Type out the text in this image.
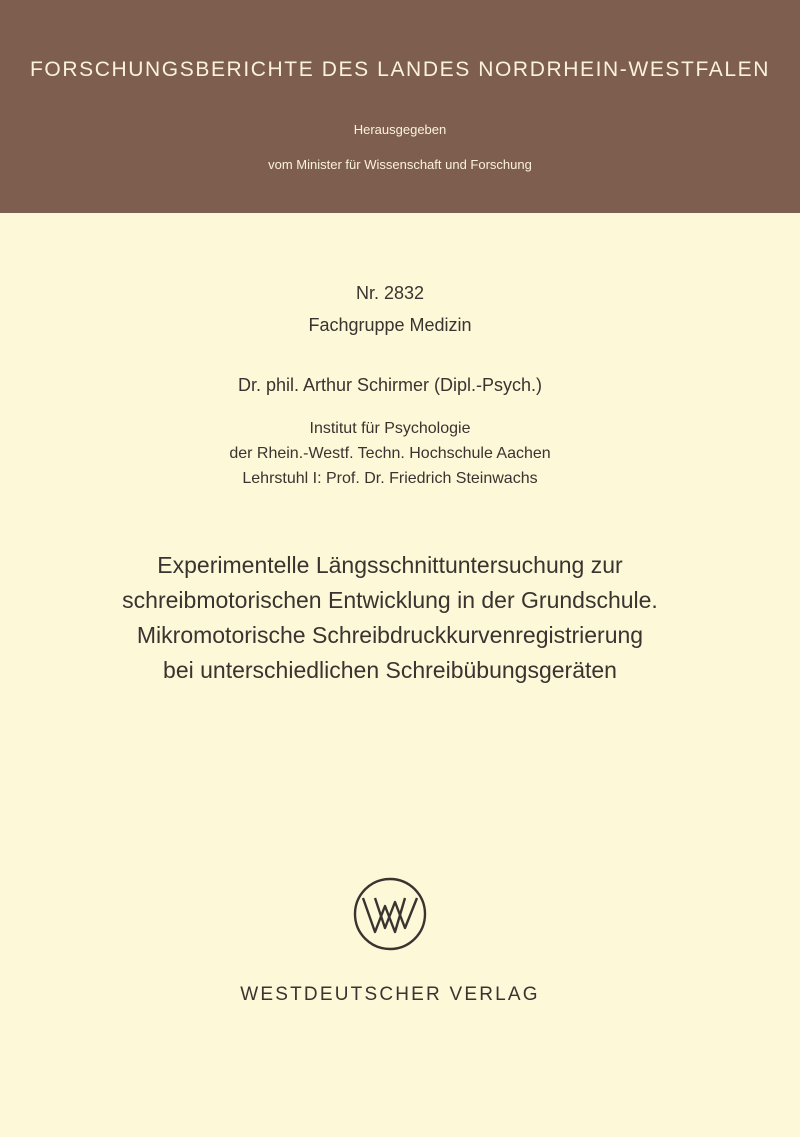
FORSCHUNGSBERICHTE DES LANDES NORDRHEIN-WESTFALEN
Herausgegeben
vom Minister für Wissenschaft und Forschung
Nr. 2832
Fachgruppe Medizin
Dr. phil. Arthur Schirmer (Dipl.-Psych.)
Institut für Psychologie
der Rhein.-Westf. Techn. Hochschule Aachen
Lehrstuhl I: Prof. Dr. Friedrich Steinwachs
Experimentelle Längsschnittuntersuchung zur
schreibmotorischen Entwicklung in der Grundschule.
Mikromotorische Schreibdruckkurvenregistrierung
bei unterschiedlichen Schreibübungsgeräten
WESTDEUTSCHER VERLAG
